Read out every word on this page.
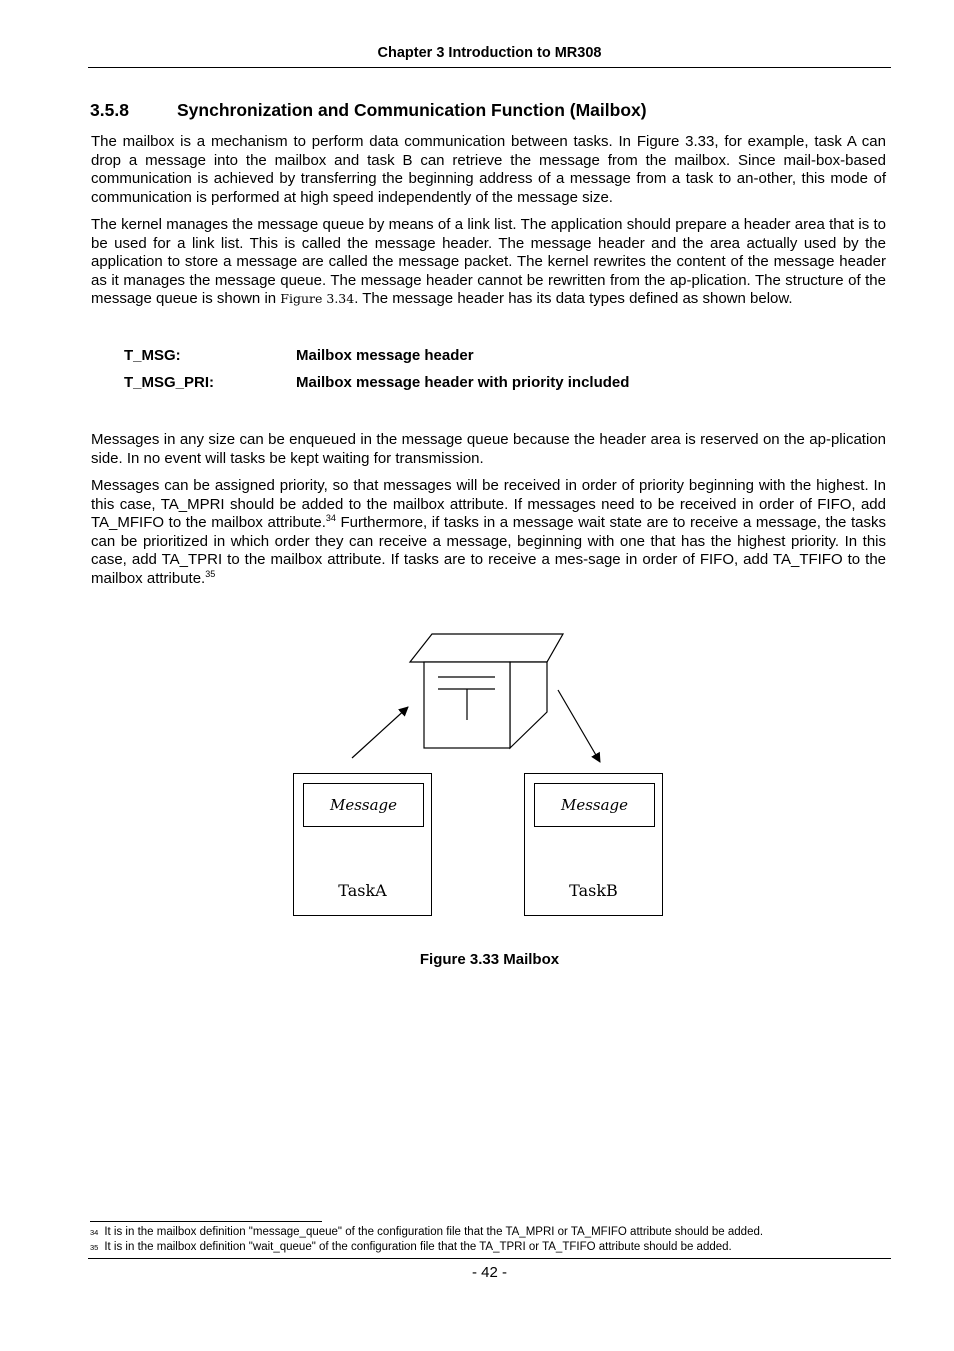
Chapter 3 Introduction to MR308
3.5.8	Synchronization and Communication Function (Mailbox)

The mailbox is a mechanism to perform data communication between tasks. In Figure 3.33, for example, task A can drop a message into the mailbox and task B can retrieve the message from the mailbox. Since mail-box-based communication is achieved by transferring the beginning address of a message from a task to an-other, this mode of communication is performed at high speed independently of the message size.

The kernel manages the message queue by means of a link list. The application should prepare a header area that is to be used for a link list. This is called the message header. The message header and the area actually used by the application to store a message are called the message packet. The kernel rewrites the content of the message header as it manages the message queue. The message header cannot be rewritten from the ap-plication. The structure of the message queue is shown in Figure 3.34. The message header has its data types defined as shown below.

T_MSG:	Mailbox message header
T_MSG_PRI:	Mailbox message header with priority included

Messages in any size can be enqueued in the message queue because the header area is reserved on the ap-plication side. In no event will tasks be kept waiting for transmission.

Messages can be assigned priority, so that messages will be received in order of priority beginning with the highest. In this case, TA_MPRI should be added to the mailbox attribute. If messages need to be received in order of FIFO, add TA_MFIFO to the mailbox attribute.$^{34}$ Furthermore, if tasks in a message wait state are to receive a message, the tasks can be prioritized in which order they can receive a message, beginning with one that has the highest priority. In this case, add TA_TPRI to the mailbox attribute. If tasks are to receive a mes-sage in order of FIFO, add TA_TFIFO to the mailbox attribute.$^{35}$

Message
TaskA
Message
TaskB
Figure 3.33 Mailbox
$^{34}$ It is in the mailbox definition "message_queue" of the configuration file that the TA_MPRI or TA_MFIFO attribute should be added.
$^{35}$ It is in the mailbox definition "wait_queue" of the configuration file that the TA_TPRI or TA_TFIFO attribute should be added.
- 42 -
